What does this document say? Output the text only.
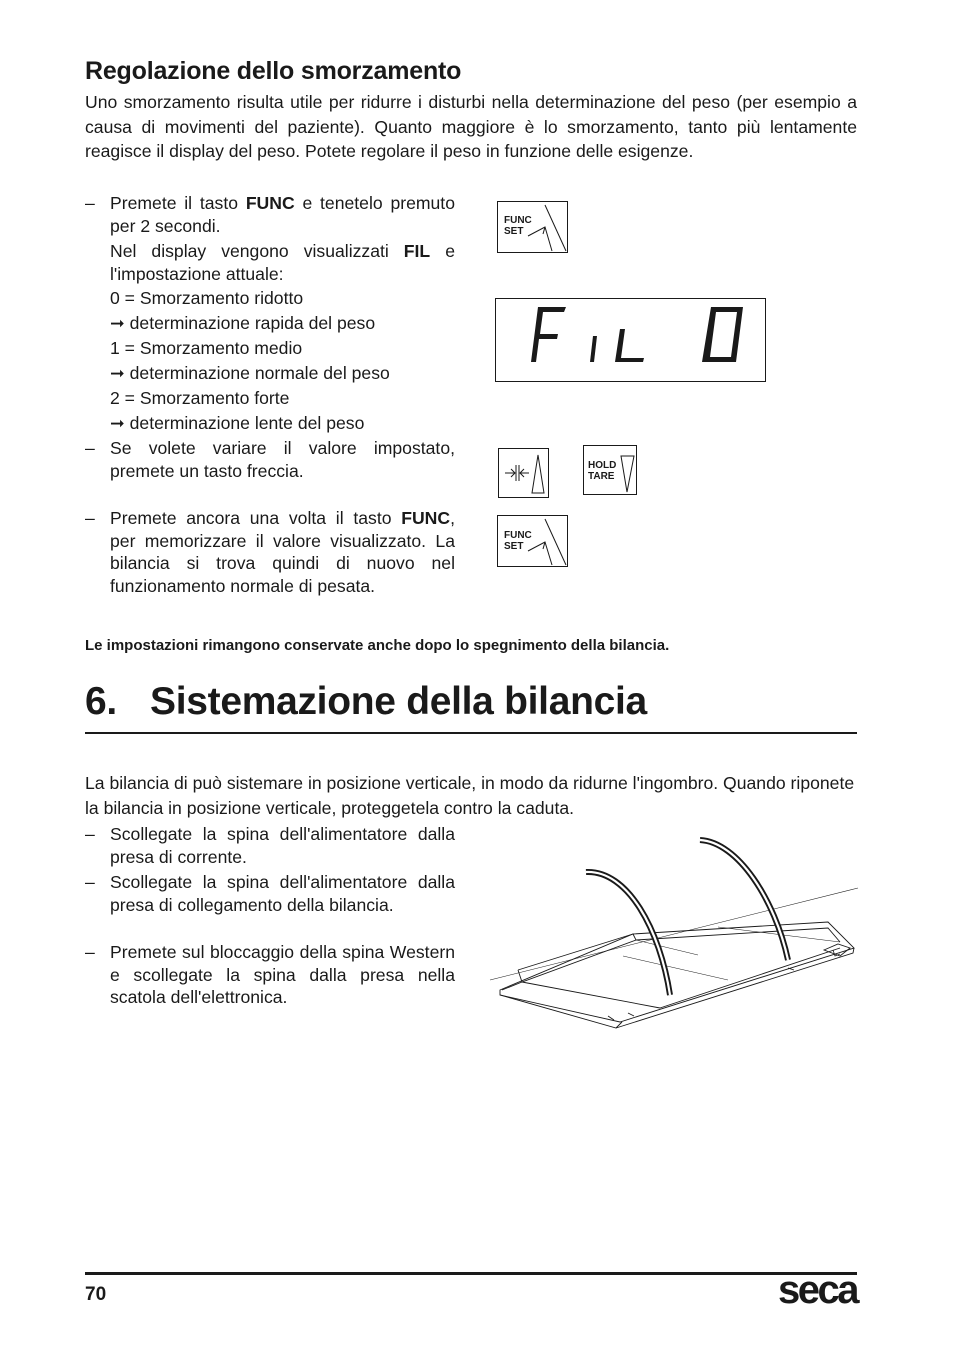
Regolazione dello smorzamento
Uno smorzamento risulta utile per ridurre i disturbi nella determinazione del peso (per esempio a causa di movimenti del paziente). Quanto maggiore è lo smorzamento, tanto più lentamente reagisce il display del peso. Potete regolare il peso in funzione delle esigenze.
– Premete il tasto FUNC e tenetelo premuto per 2 secondi.
Nel display vengono visualizzati FIL e l'impostazione attuale:
0 = Smorzamento ridotto
➞ determinazione rapida del peso
1 = Smorzamento medio
➞ determinazione normale del peso
2 = Smorzamento forte
➞ determinazione lente del peso
– Se volete variare il valore impostato, premete un tasto freccia.
– Premete ancora una volta il tasto FUNC, per memorizzare il valore visualizzato. La bilancia si trova quindi di nuovo nel funzionamento normale di pesata.
FUNC
SET
FiL 0
HOLD
TARE
FUNC
SET
Le impostazioni rimangono conservate anche dopo lo spegnimento della bilancia.
6. Sistemazione della bilancia
La bilancia di può sistemare in posizione verticale, in modo da ridurne l'ingombro. Quando riponete la bilancia in posizione verticale, proteggetela contro la caduta.
– Scollegate la spina dell'alimentatore dalla presa di corrente.
– Scollegate la spina dell'alimentatore dalla presa di collegamento della bilancia.
– Premete sul bloccaggio della spina Western e scollegate la spina dalla presa nella scatola dell'elettronica.
70	seca
